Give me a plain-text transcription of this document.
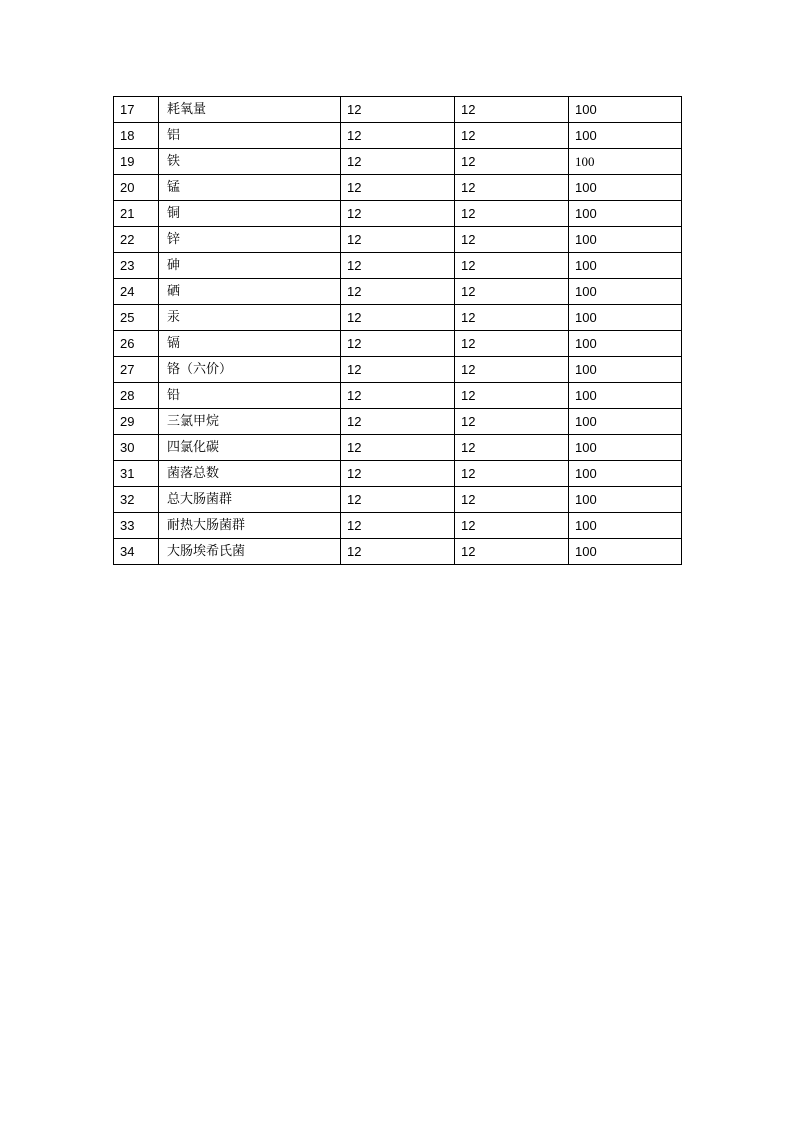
17	耗氧量	12	12	100
18	铝	12	12	100
19	铁	12	12	100
20	锰	12	12	100
21	铜	12	12	100
22	锌	12	12	100
23	砷	12	12	100
24	硒	12	12	100
25	汞	12	12	100
26	镉	12	12	100
27	铬（六价）	12	12	100
28	铅	12	12	100
29	三氯甲烷	12	12	100
30	四氯化碳	12	12	100
31	菌落总数	12	12	100
32	总大肠菌群	12	12	100
33	耐热大肠菌群	12	12	100
34	大肠埃希氏菌	12	12	100
